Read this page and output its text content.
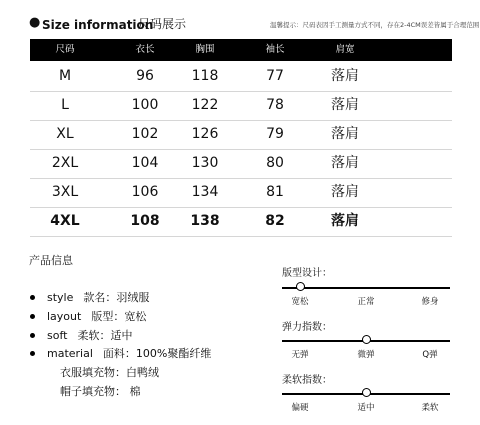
● Size information
尺码展示	温馨提示：尺码表因手工测量方式不同，存在2-4CM误差皆属于合理范围
尺码	衣长	胸围	袖长	肩宽
M	96	118	77	落肩
L	100	122	78	落肩
XL	102	126	79	落肩
2XL	104	130	80	落肩
3XL	106	134	81	落肩
4XL	108	138	82	落肩
产品信息
style 款名：羽绒服
layout 版型：宽松
soft 柔软：适中
material 面料：100%聚酯纤维
衣服填充物：白鸭绒
帽子填充物： 棉
版型设计：
宽松	正常	修身
弹力指数：
无弹	微弹	Q弹
柔软指数：
偏硬	适中	柔软
